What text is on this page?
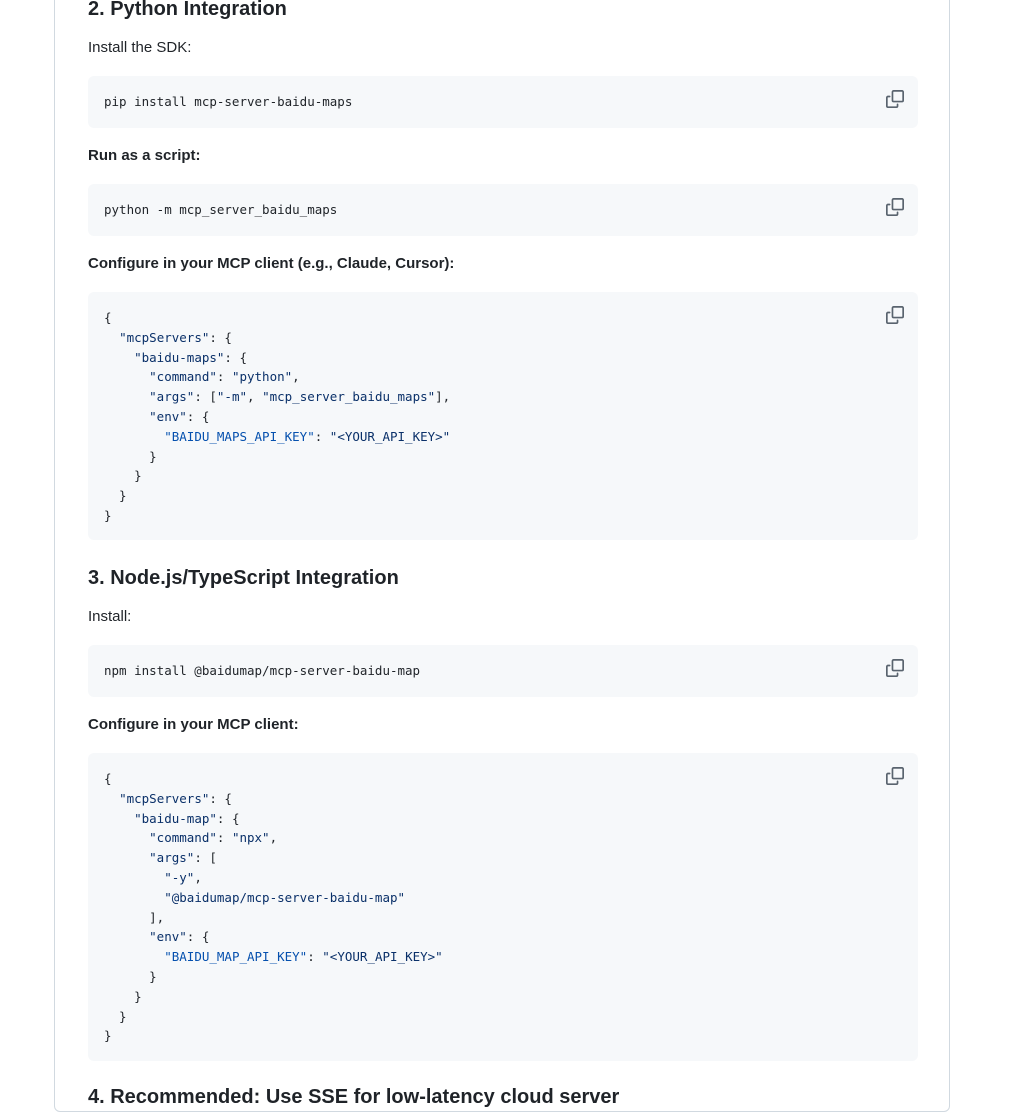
2. Python Integration

Install the SDK:

pip install mcp-server-baidu-maps

Run as a script:

python -m mcp_server_baidu_maps

Configure in your MCP client (e.g., Claude, Cursor):

{
"mcpServers": {
"baidu-maps": {
"command": "python",
"args": ["-m", "mcp_server_baidu_maps"],
"env": {
"BAIDU_MAPS_API_KEY": "<YOUR_API_KEY>"
}
}
}
}
3. Node.js/TypeScript Integration

Install:

npm install @baidumap/mcp-server-baidu-map

Configure in your MCP client:

{
"mcpServers": {
"baidu-map": {
"command": "npx",
"args": [
"-y",
"@baidumap/mcp-server-baidu-map"
],
"env": {
"BAIDU_MAP_API_KEY": "<YOUR_API_KEY>"
}
}
}
}
4. Recommended: Use SSE for low-latency cloud server
